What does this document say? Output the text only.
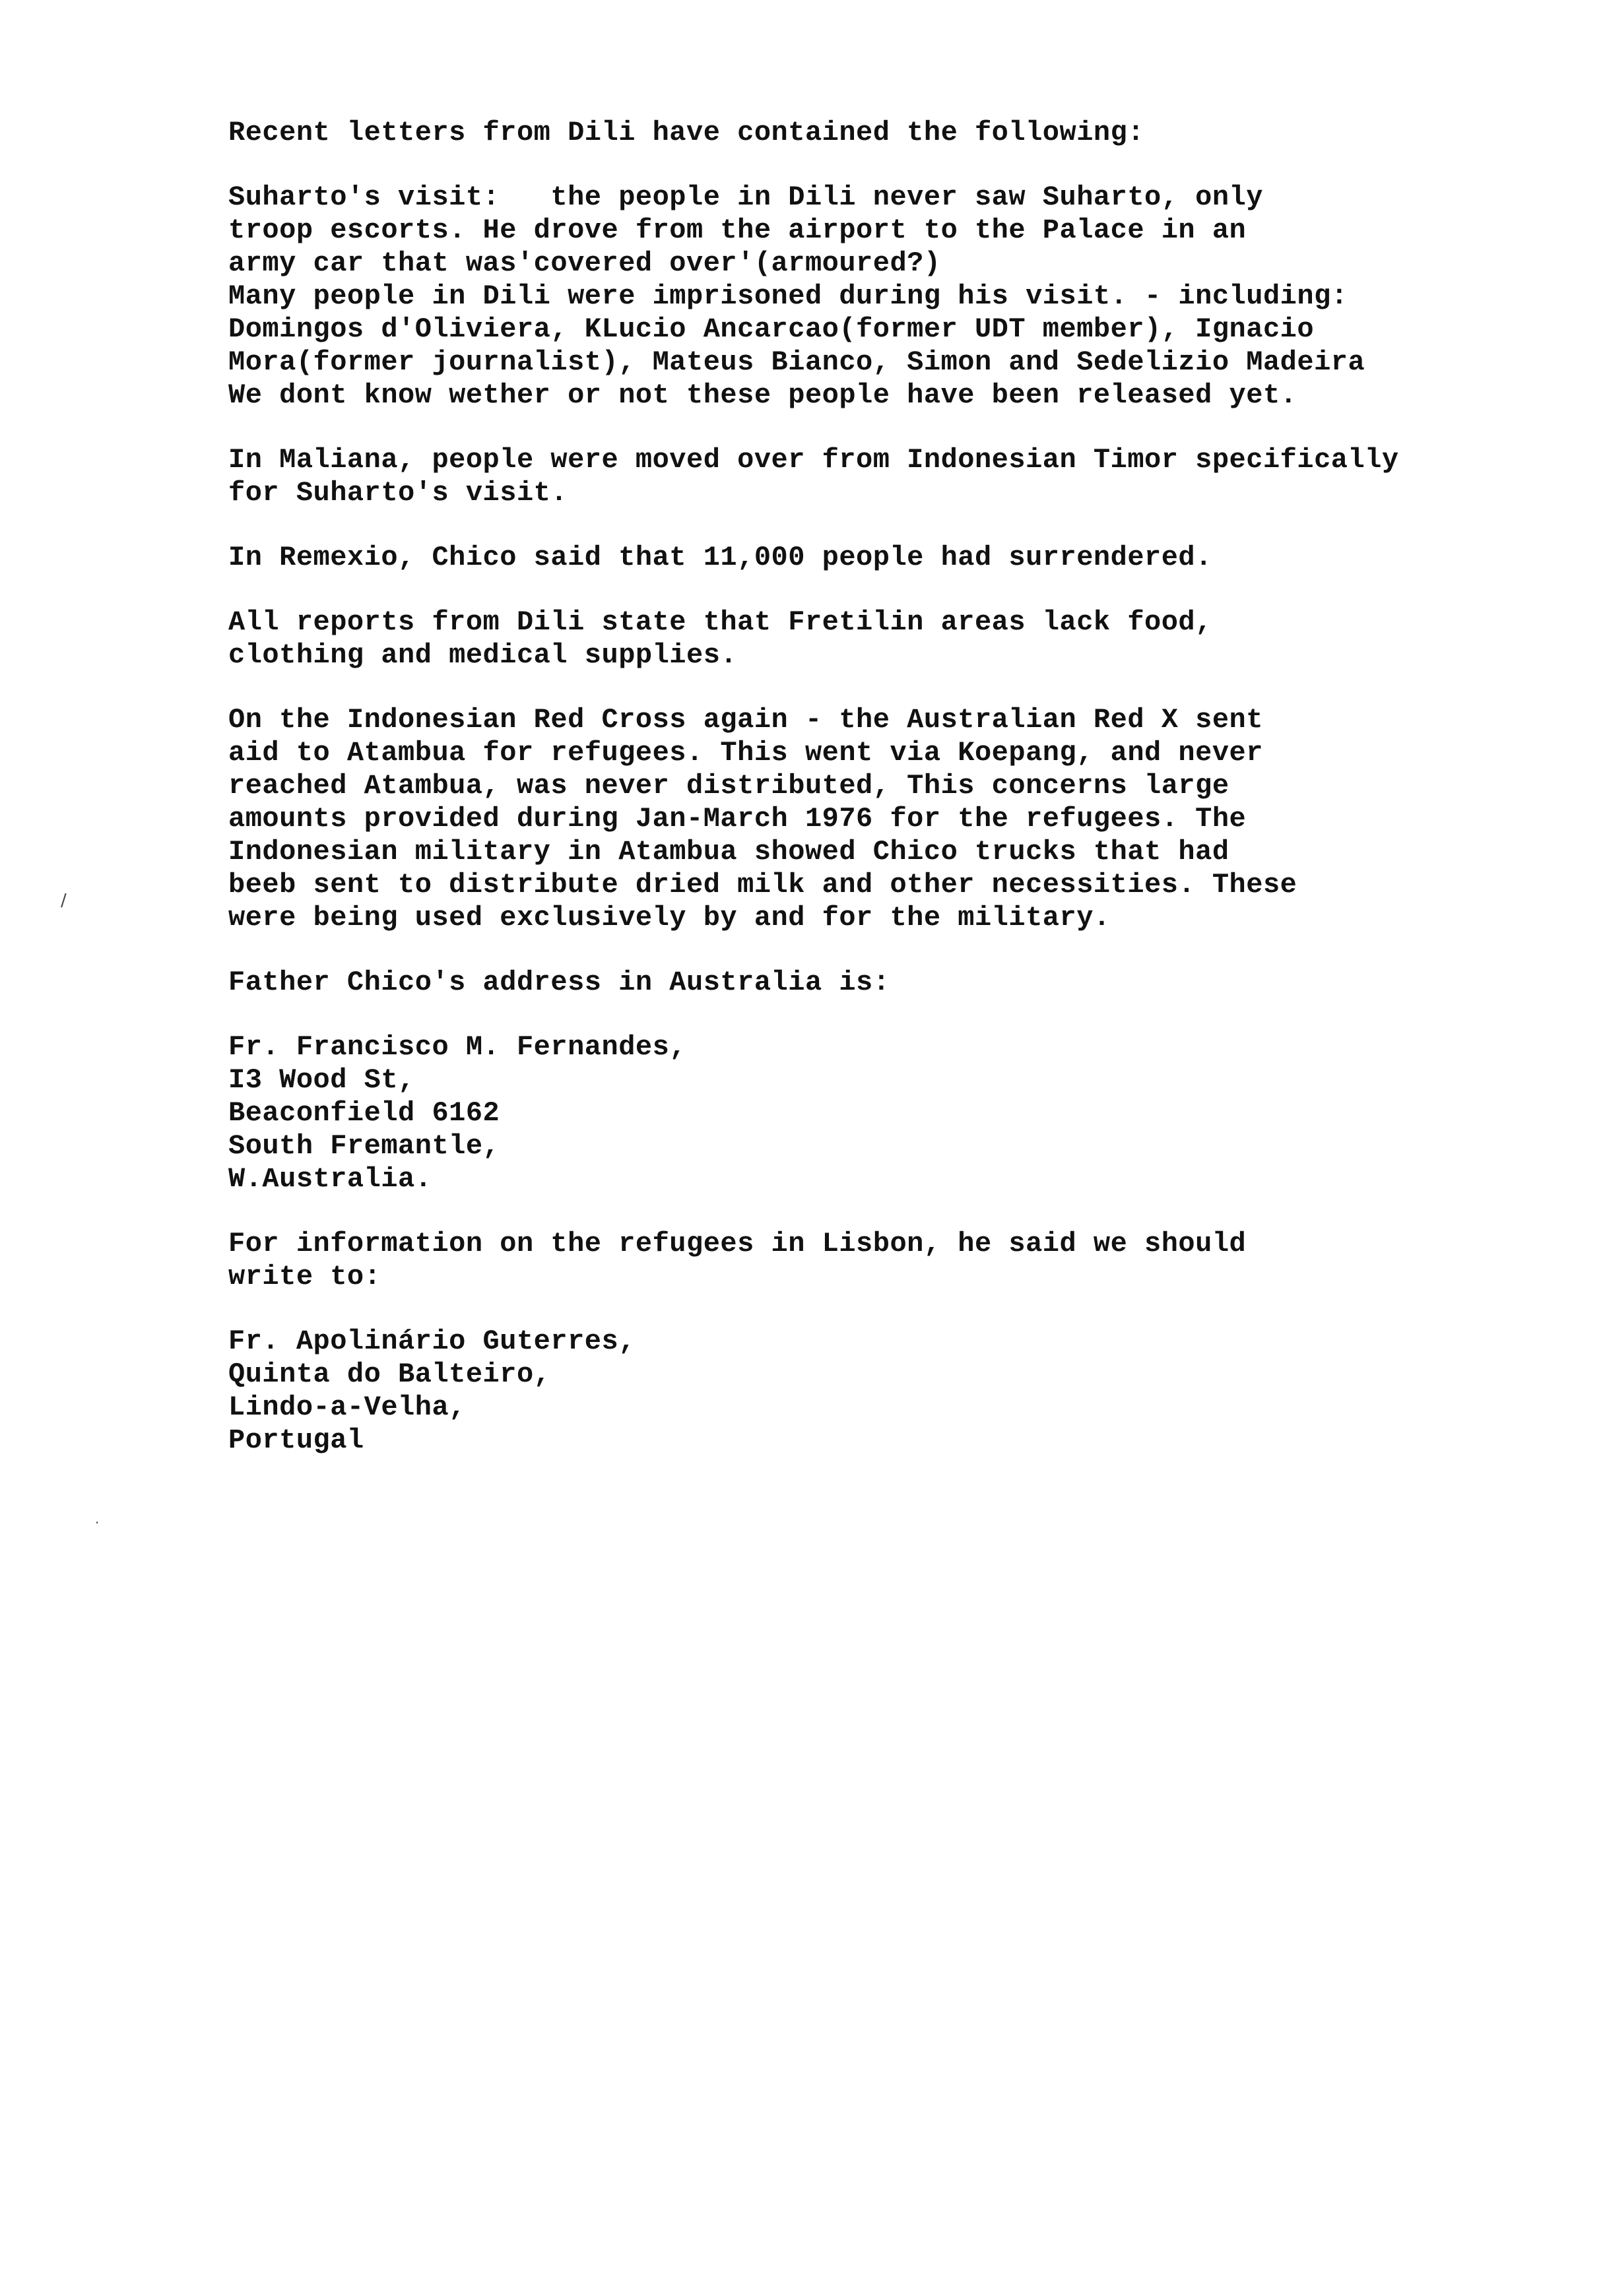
/
.
Recent letters from Dili have contained the following:
Suharto's visit:   the people in Dili never saw Suharto, only
troop escorts. He drove from the airport to the Palace in an
army car that was'covered over'(armoured?)
Many people in Dili were imprisoned during his visit. - including:
Domingos d'Oliviera, KLucio Ancarcao(former UDT member), Ignacio
Mora(former journalist), Mateus Bianco, Simon and Sedelizio Madeira
We dont know wether or not these people have been released yet.
In Maliana, people were moved over from Indonesian Timor specifically
for Suharto's visit.
In Remexio, Chico said that 11,000 people had surrendered.
All reports from Dili state that Fretilin areas lack food,
clothing and medical supplies.
On the Indonesian Red Cross again - the Australian Red X sent
aid to Atambua for refugees. This went via Koepang, and never
reached Atambua, was never distributed, This concerns large
amounts provided during Jan-March 1976 for the refugees. The
Indonesian military in Atambua showed Chico trucks that had
beeb sent to distribute dried milk and other necessities. These
were being used exclusively by and for the military.
Father Chico's address in Australia is:
Fr. Francisco M. Fernandes,
I3 Wood St,
Beaconfield 6162
South Fremantle,
W.Australia.
For information on the refugees in Lisbon, he said we should
write to:
Fr. Apolinário Guterres,
Quinta do Balteiro,
Lindo-a-Velha,
Portugal
